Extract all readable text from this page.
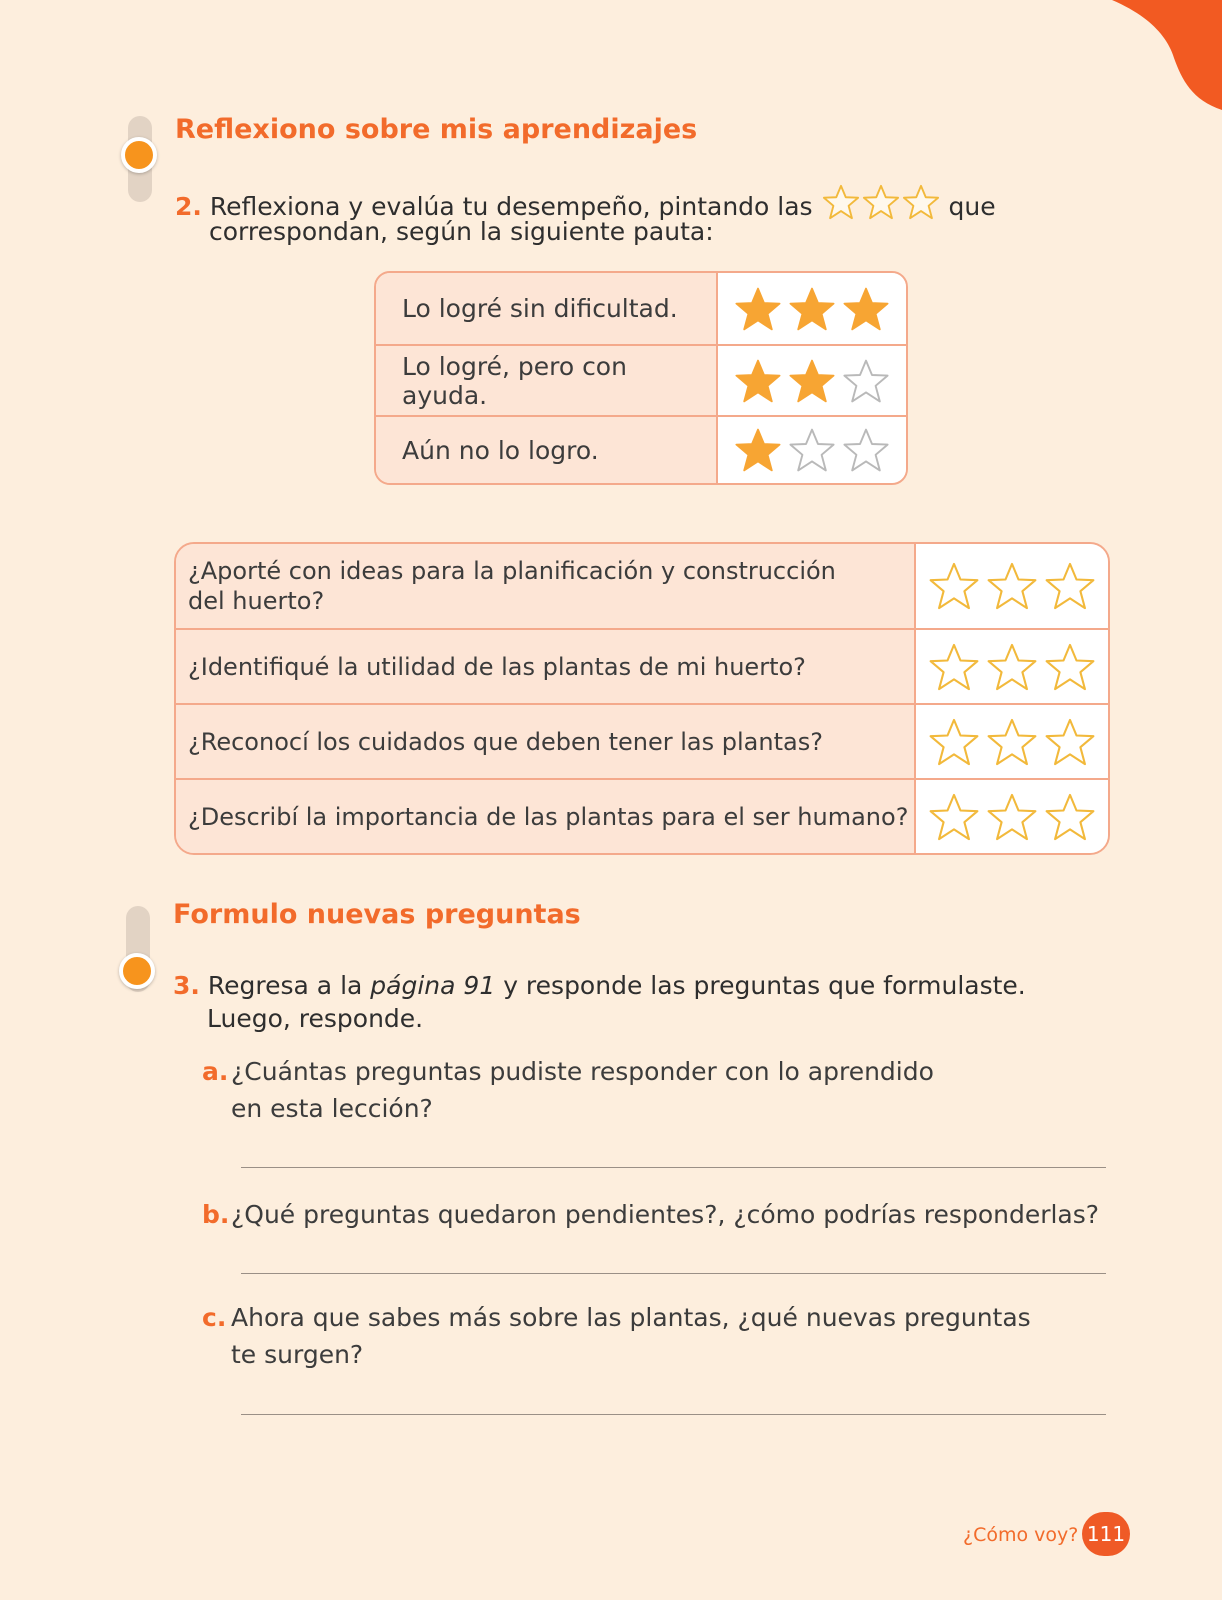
Reflexiono sobre mis aprendizajes
2. Reflexiona y evalúa tu desempeño, pintando las	que
correspondan, según la siguiente pauta:
Lo logré sin dificultad.
Lo logré, pero con ayuda.
Aún no lo logro.
¿Aporté con ideas para la planificación y construcción
del huerto?
¿Identifiqué la utilidad de las plantas de mi huerto?
¿Reconocí los cuidados que deben tener las plantas?
¿Describí la importancia de las plantas para el ser humano?
Formulo nuevas preguntas
3. Regresa a la página 91 y responde las preguntas que formulaste.
Luego, responde.
a. ¿Cuántas preguntas pudiste responder con lo aprendido
en esta lección?
b. ¿Qué preguntas quedaron pendientes?, ¿cómo podrías responderlas?
c. Ahora que sabes más sobre las plantas, ¿qué nuevas preguntas
te surgen?
¿Cómo voy? 111
